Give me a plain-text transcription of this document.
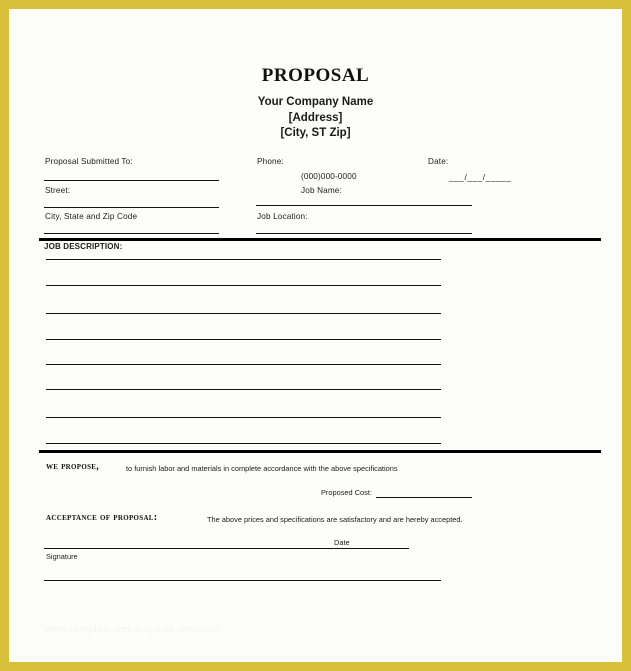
proposal
Your Company Name
[Address]
[City, ST Zip]
Proposal Submitted To:
Street:
City, State and Zip Code
Phone:
(000)000-0000
Job Name:
Job Location:
Date:
___/___/_____
JOB DESCRIPTION:
we propose,	to furnish labor and materials in complete accordance with the above specifications
Proposed Cost:
acceptance of proposal:	The above prices and specifications are satisfactory and are hereby accepted.
Date
Signature
www.template.net/proposal-template
